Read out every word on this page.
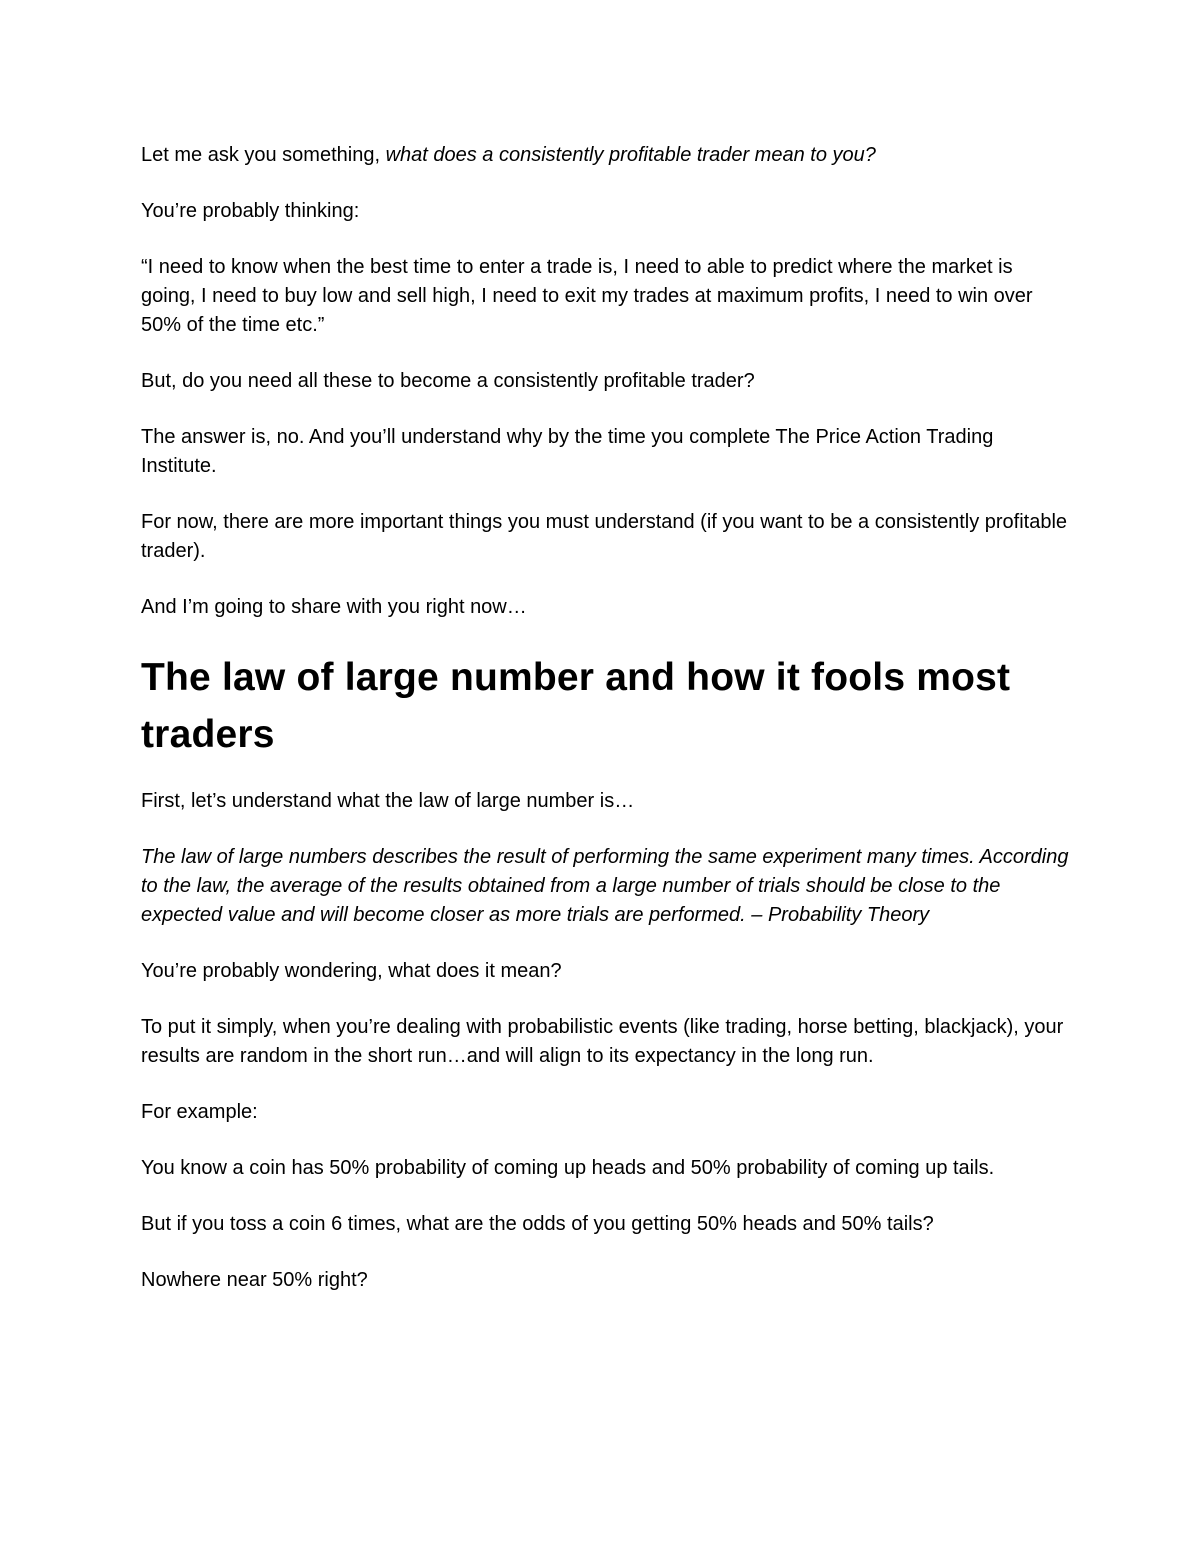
Let me ask you something, what does a consistently profitable trader mean to you?

You’re probably thinking:

“I need to know when the best time to enter a trade is, I need to able to predict where the market is going, I need to buy low and sell high, I need to exit my trades at maximum profits, I need to win over 50% of the time etc.”

But, do you need all these to become a consistently profitable trader?

The answer is, no. And you’ll understand why by the time you complete The Price Action Trading Institute.

For now, there are more important things you must understand (if you want to be a consistently profitable trader).

And I’m going to share with you right now…

The law of large number and how it fools most traders

First, let’s understand what the law of large number is…

The law of large numbers describes the result of performing the same experiment many times. According to the law, the average of the results obtained from a large number of trials should be close to the expected value and will become closer as more trials are performed. – Probability Theory

You’re probably wondering, what does it mean?

To put it simply, when you’re dealing with probabilistic events (like trading, horse betting, blackjack), your results are random in the short run…and will align to its expectancy in the long run.

For example:

You know a coin has 50% probability of coming up heads and 50% probability of coming up tails.

But if you toss a coin 6 times, what are the odds of you getting 50% heads and 50% tails?

Nowhere near 50% right?
